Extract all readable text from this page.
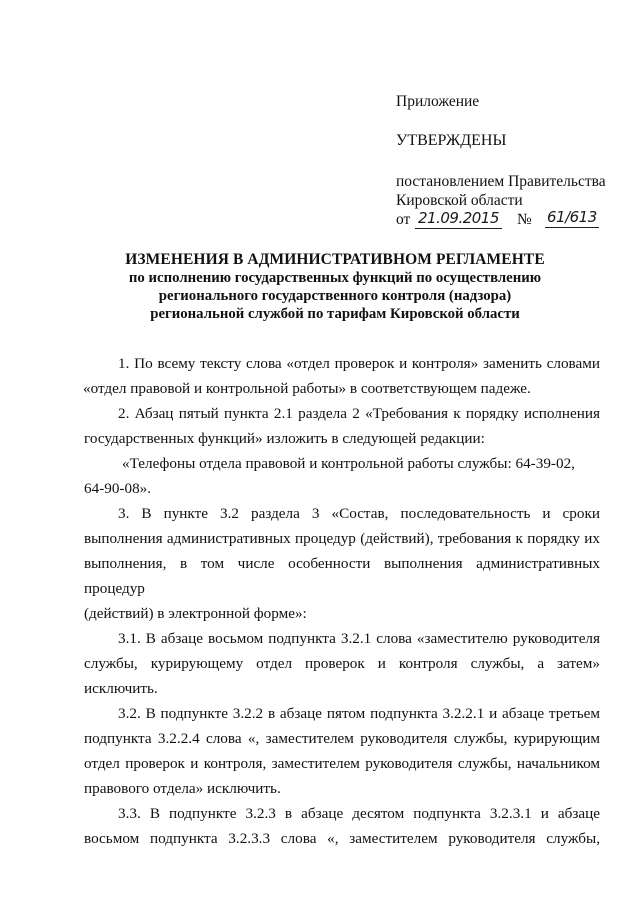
Приложение
УТВЕРЖДЕНЫ
постановлением Правительства
Кировской области
от 21.09.2015 № 61/613
ИЗМЕНЕНИЯ В АДМИНИСТРАТИВНОМ РЕГЛАМЕНТЕ
по исполнению государственных функций по осуществлению
регионального государственного контроля (надзора)
региональной службой по тарифам Кировской области
1. По всему тексту слова «отдел проверок и контроля» заменить словами
«отдел правовой и контрольной работы» в соответствующем падеже.
2. Абзац пятый пункта 2.1 раздела 2 «Требования к порядку исполнения
государственных функций» изложить в следующей редакции:
«Телефоны отдела правовой и контрольной работы службы: 64-39-02,
64-90-08».
3. В пункте 3.2 раздела 3 «Состав, последовательность и сроки
выполнения административных процедур (действий), требования к порядку их
выполнения, в том числе особенности выполнения административных процедур
(действий) в электронной форме»:
3.1. В абзаце восьмом подпункта 3.2.1 слова «заместителю руководителя
службы, курирующему отдел проверок и контроля службы, а затем»
исключить.
3.2. В подпункте 3.2.2 в абзаце пятом подпункта 3.2.2.1 и абзаце третьем
подпункта 3.2.2.4 слова «, заместителем руководителя службы, курирующим
отдел проверок и контроля, заместителем руководителя службы, начальником
правового отдела» исключить.
3.3. В подпункте 3.2.3 в абзаце десятом подпункта 3.2.3.1 и абзаце
восьмом подпункта 3.2.3.3 слова «, заместителем руководителя службы,
